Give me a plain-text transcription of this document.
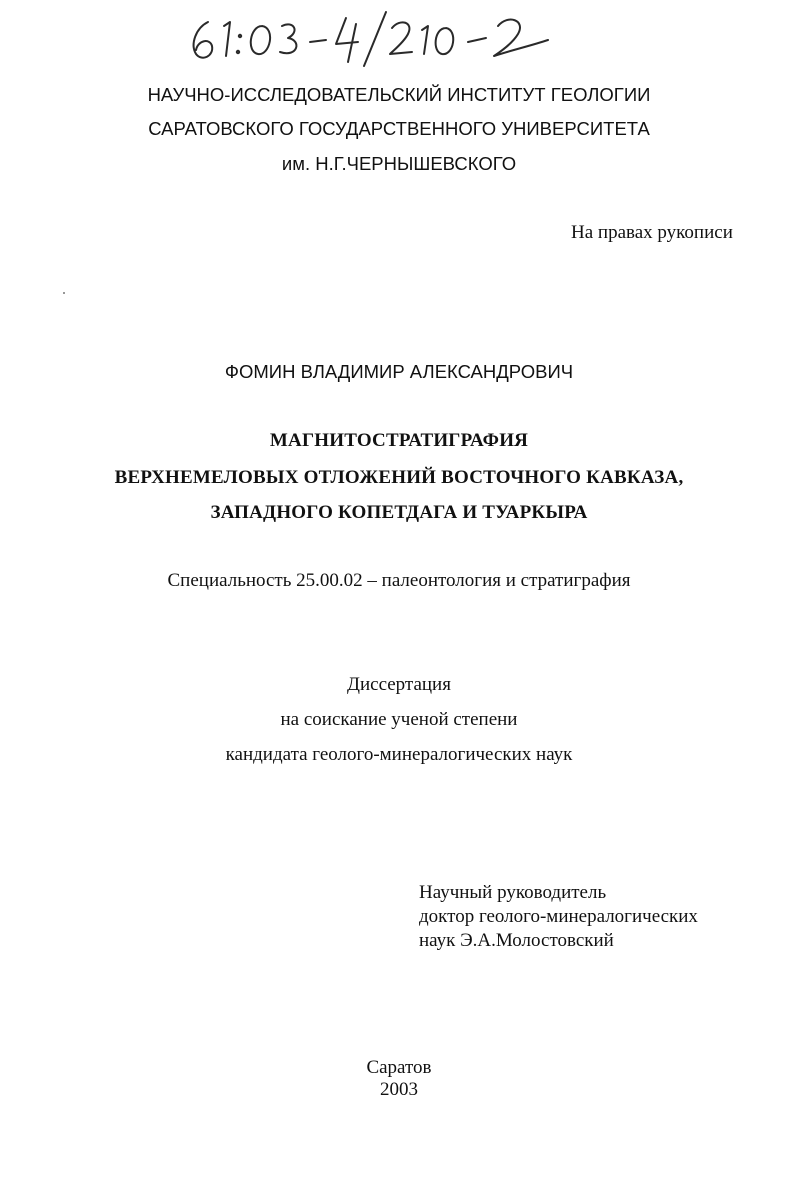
НАУЧНО-ИССЛЕДОВАТЕЛЬСКИЙ ИНСТИТУТ ГЕОЛОГИИ
САРАТОВСКОГО ГОСУДАРСТВЕННОГО УНИВЕРСИТЕТА
им. Н.Г.ЧЕРНЫШЕВСКОГО
На правах рукописи
ФОМИН ВЛАДИМИР АЛЕКСАНДРОВИЧ
МАГНИТОСТРАТИГРАФИЯ
ВЕРХНЕМЕЛОВЫХ ОТЛОЖЕНИЙ ВОСТОЧНОГО КАВКАЗА,
ЗАПАДНОГО КОПЕТДАГА И ТУАРКЫРА
Специальность 25.00.02 – палеонтология и стратиграфия
Диссертация
на соискание ученой степени
кандидата геолого-минералогических наук
Научный руководитель
доктор геолого-минералогических
наук Э.А.Молостовский
Саратов
2003
